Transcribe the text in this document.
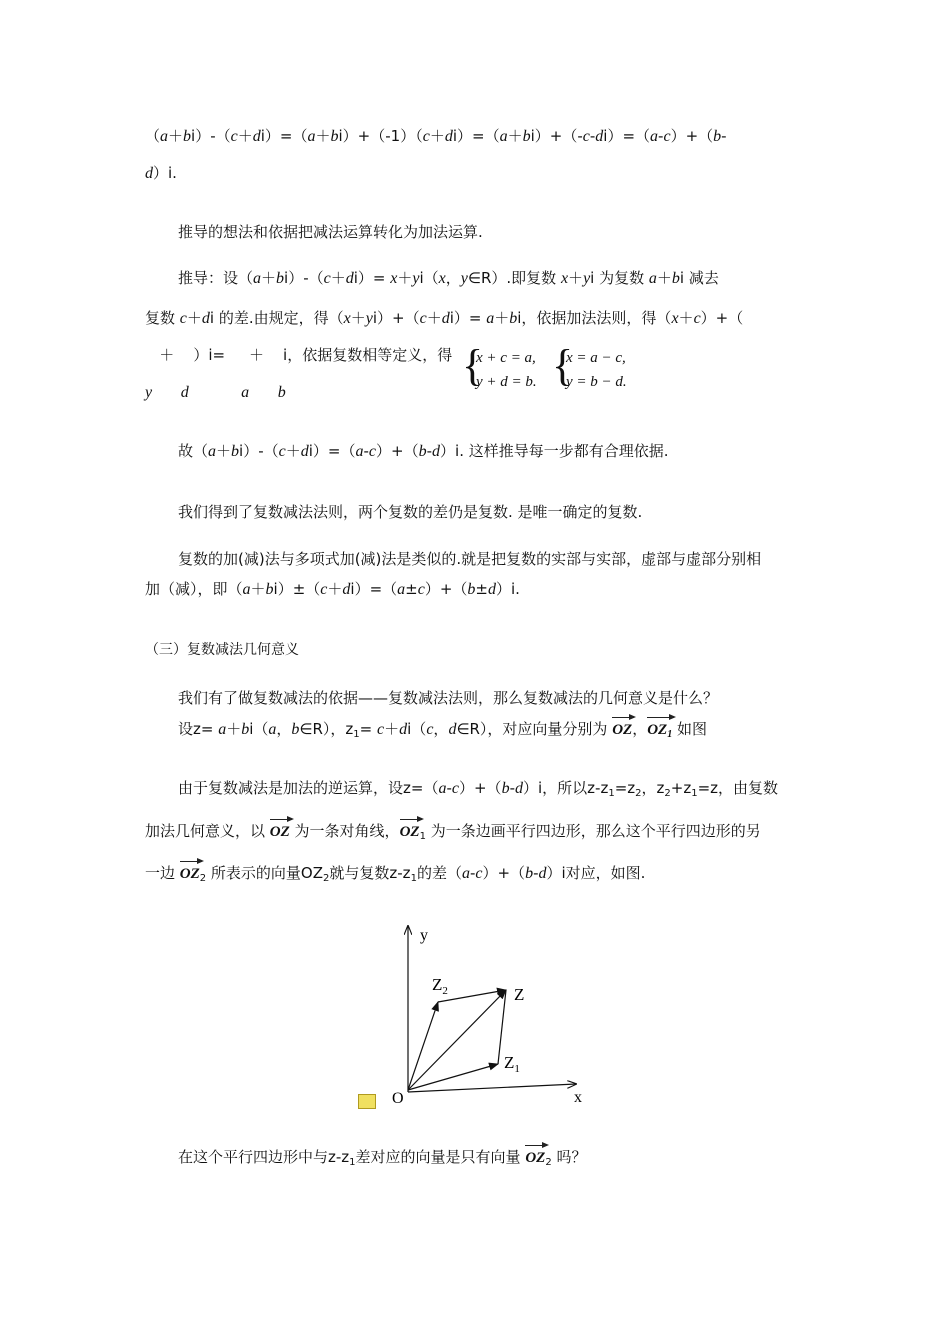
（a＋bi）-（c＋di）=（a＋bi）+（-1）（c＋di）=（a＋bi）+（-c-di）=（a-c）+（b-
d）i.
推导的想法和依据把减法运算转化为加法运算.
推导：设（a＋bi）-（c＋di）= x＋yi（x，y∈R）.即复数 x＋yi 为复数 a＋bi 减去
复数 c＋di 的差.由规定，得（x＋yi）+（c＋di）= a＋bi，依据加法法则，得（x＋c）+（
＋    ）i=     ＋    i，依据复数相等定义，得
y d	a b
{
x + c = a,
y + d = b. {
x = a − c,
y = b − d.
故（a＋bi）-（c＋di）=（a-c）+（b-d）i. 这样推导每一步都有合理依据.
我们得到了复数减法法则，两个复数的差仍是复数. 是唯一确定的复数.
复数的加(减)法与多项式加(减)法是类似的.就是把复数的实部与实部，虚部与虚部分别相
加（减），即（a＋bi）±（c＋di）=（a±c）+（b±d）i.
（三）复数减法几何意义
我们有了做复数减法的依据——复数减法法则，那么复数减法的几何意义是什么？
设z= a＋bi（a，b∈R），$z_1= c+di(c$，d∈R），对应向量分别为 OZ，$OZ_1$ 如图
由于复数减法是加法的逆运算，设z=（a-c）+（b-d）i，所以$z-z_1=z_2$，$z_2+z_1=z$，由复数
加法几何意义，以 OZ 为一条对角线，$OZ_1$ 为一条边画平行四边形，那么这个平行四边形的另
一边 $OZ_2$ 所表示的向量$OZ_2$就与复数$z-z_1$的差（a-c）+（b-d）i对应，如图.
y
x
O
Z
$Z_1$
$Z_2$
在这个平行四边形中与$z-z_1$差对应的向量是只有向量 $OZ_2$ 吗？
